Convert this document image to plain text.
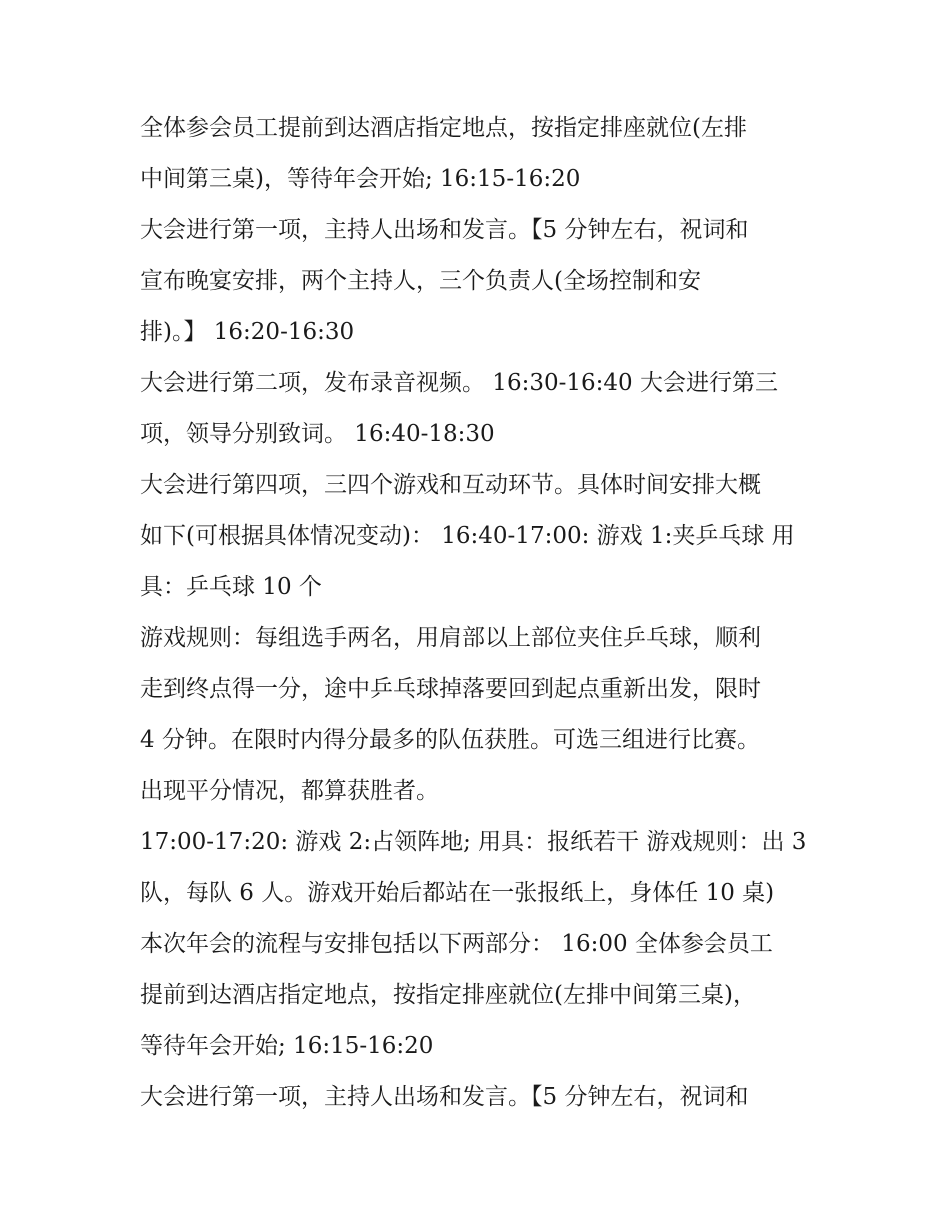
全体参会员工提前到达酒店指定地点，按指定排座就位(左排
中间第三桌)，等待年会开始; 16:15-16:20
大会进行第一项，主持人出场和发言。【5 分钟左右，祝词和
宣布晚宴安排，两个主持人，三个负责人(全场控制和安
排)。】 16:20-16:30
大会进行第二项，发布录音视频。 16:30-16:40 大会进行第三
项，领导分别致词。 16:40-18:30
大会进行第四项，三四个游戏和互动环节。具体时间安排大概
如下(可根据具体情况变动)： 16:40-17:00: 游戏 1:夹乒乓球 用
具：乒乓球 10 个
游戏规则：每组选手两名，用肩部以上部位夹住乒乓球，顺利
走到终点得一分，途中乒乓球掉落要回到起点重新出发，限时
4 分钟。在限时内得分最多的队伍获胜。可选三组进行比赛。
出现平分情况，都算获胜者。
17:00-17:20: 游戏 2:占领阵地; 用具：报纸若干 游戏规则：出 3
队，每队 6 人。游戏开始后都站在一张报纸上，身体任 10 桌)
本次年会的流程与安排包括以下两部分： 16:00 全体参会员工
提前到达酒店指定地点，按指定排座就位(左排中间第三桌)，
等待年会开始; 16:15-16:20
大会进行第一项，主持人出场和发言。【5 分钟左右，祝词和
